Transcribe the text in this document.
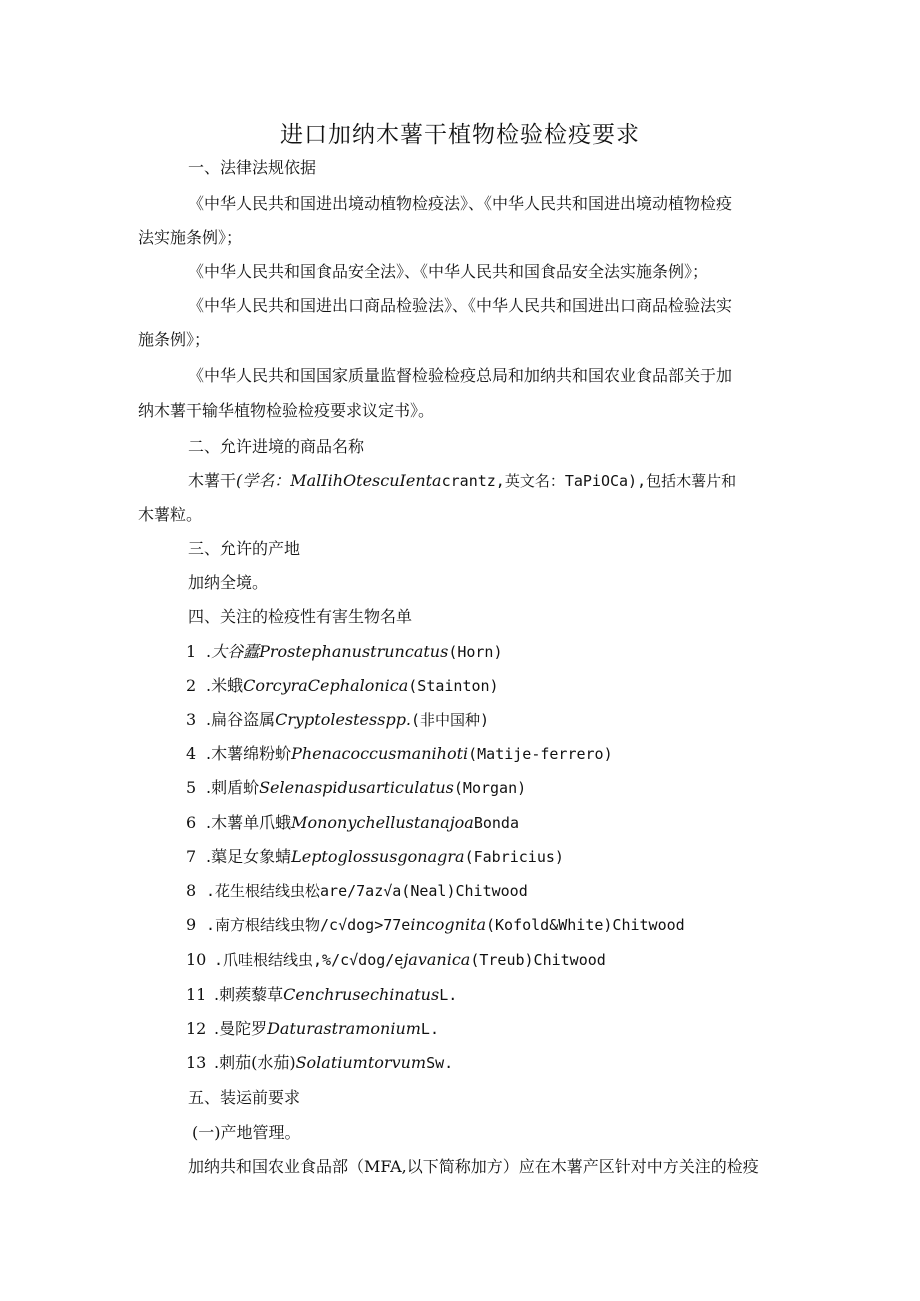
进口加纳木薯干植物检验检疫要求
一、法律法规依据
《中华人民共和国进出境动植物检疫法》、《中华人民共和国进出境动植物检疫
法实施条例》；
《中华人民共和国食品安全法》、《中华人民共和国食品安全法实施条例》；
《中华人民共和国进出口商品检验法》、《中华人民共和国进出口商品检验法实
施条例》；
《中华人民共和国国家质量监督检验检疫总局和加纳共和国农业食品部关于加
纳木薯干输华植物检验检疫要求议定书》。
二、允许进境的商品名称
木薯干(学名：MalIihOtescuIentacrantz,英文名：TaPiOCa),包括木薯片和
木薯粒。
三、允许的产地
加纳全境。
四、关注的检疫性有害生物名单
1 .大谷蠹Prostephanustruncatus(Horn)
2 .米蛾CorcyraCephalonica(Stainton)
3 .扁谷盗属Cryptolestesspp.(非中国种)
4 .木薯绵粉蚧Phenacoccusmanihoti(Matije-ferrero)
5 .刺盾蚧Selenaspidusarticulatus(Morgan)
6 .木薯单爪蛾MononychellustanajoaBonda
7 .蕖足女象蜻Leptoglossusgonagra(Fabricius)
8 .花生根结线虫松are/7az√a(Neal)Chitwood
9 .南方根结线虫物/c√dog>77eincognita(Kofold&White)Chitwood
10 .爪哇根结线虫,%/c√dog/ejavanica(Treub)Chitwood
11 .刺蒺藜草CenchrusechinatusL.
12 .曼陀罗DaturastramoniumL.
13 .刺茄(水茄)SolatiumtorvumSw.
五、装运前要求
(一)产地管理。
加纳共和国农业食品部（MFA,以下简称加方）应在木薯产区针对中方关注的检疫
